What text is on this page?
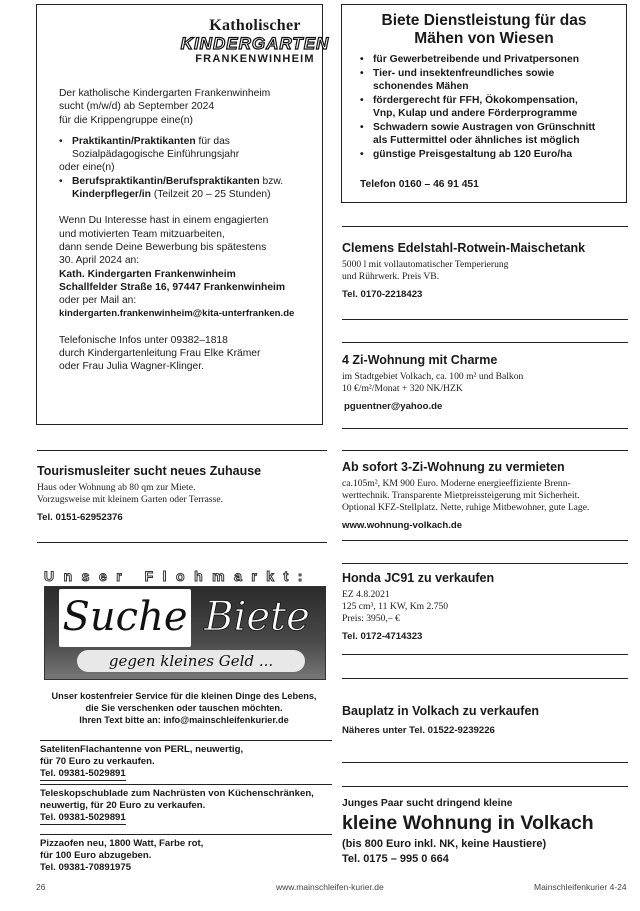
Katholischer
KINDERGARTEN
FRANKENWINHEIM

Der katholische Kindergarten Frankenwinheim

sucht (m/w/d) ab September 2024

für die Krippengruppe eine(n)

• Praktikantin/Praktikanten für das
Sozialpädagogische Einführungsjahr

oder eine(n)

• Berufspraktikantin/Berufspraktikanten bzw.
Kinderpfleger/in (Teilzeit 20 – 25 Stunden)

Wenn Du Interesse hast in einem engagierten

und motivierten Team mitzuarbeiten,

dann sende Deine Bewerbung bis spätestens

30. April 2024 an:

Kath. Kindergarten Frankenwinheim

Schallfelder Straße 16, 97447 Frankenwinheim

oder per Mail an:

kindergarten.frankenwinheim@kita-unterfranken.de

Telefonische Infos unter 09382–1818

durch Kindergartenleitung Frau Elke Krämer

oder Frau Julia Wagner-Klinger.

Biete Dienstleistung für das
Mähen von Wiesen
• für Gewerbetreibende und Privatpersonen
• Tier- und insektenfreundliches sowie
schonendes Mähen
• fördergerecht für FFH, Ökokompensation,
Vnp, Kulap und andere Förderprogramme
• Schwadern sowie Austragen von Grünschnitt
als Futtermittel oder ähnliches ist möglich
• günstige Preisgestaltung ab 120 Euro/ha
Telefon 0160 – 46 91 451
Clemens Edelstahl-Rotwein-Maischetank
5000 l mit vollautomatischer Temperierung
und Rührwerk. Preis VB.
Tel. 0170-2218423
4 Zi-Wohnung mit Charme
im Stadtgebiet Volkach, ca. 100 m² und Balkon
10 €/m²/Monat + 320 NK/HZK
pguentner@yahoo.de
Ab sofort 3-Zi-Wohnung zu vermieten
ca.105m², KM 900 Euro. Moderne energieeffiziente Brenn-
werttechnik. Transparente Mietpreissteigerung mit Sicherheit.
Optional KFZ-Stellplatz. Nette, ruhige Mitbewohner, gute Lage.
www.wohnung-volkach.de
Honda JC91 zu verkaufen
EZ 4.8.2021
125 cm³, 11 KW, Km 2.750
Preis: 3950,– €
Tel. 0172-4714323
Bauplatz in Volkach zu verkaufen
Näheres unter Tel. 01522-9239226
Tourismusleiter sucht neues Zuhause
Haus oder Wohnung ab 80 qm zur Miete.
Vorzugsweise mit kleinem Garten oder Terrasse.
Tel. 0151-62952376
Unser Flohmarkt:
Suche Biete
gegen kleines Geld ...
Unser kostenfreier Service für die kleinen Dinge des Lebens,
die Sie verschenken oder tauschen möchten.
Ihren Text bitte an: info@mainschleifenkurier.de
SatelitenFlachantenne von PERL, neuwertig,
für 70 Euro zu verkaufen.
Tel. 09381-5029891
Teleskopschublade zum Nachrüsten von Küchenschränken,
neuwertig, für 20 Euro zu verkaufen.
Tel. 09381-5029891
Pizzaofen neu, 1800 Watt, Farbe rot,
für 100 Euro abzugeben.
Tel. 09381-70891975
Junges Paar sucht dringend kleine
kleine Wohnung in Volkach
(bis 800 Euro inkl. NK, keine Haustiere)
Tel. 0175 – 995 0 664
26	www.mainschleifen-kurier.de	Mainschleifenkurier 4-24
